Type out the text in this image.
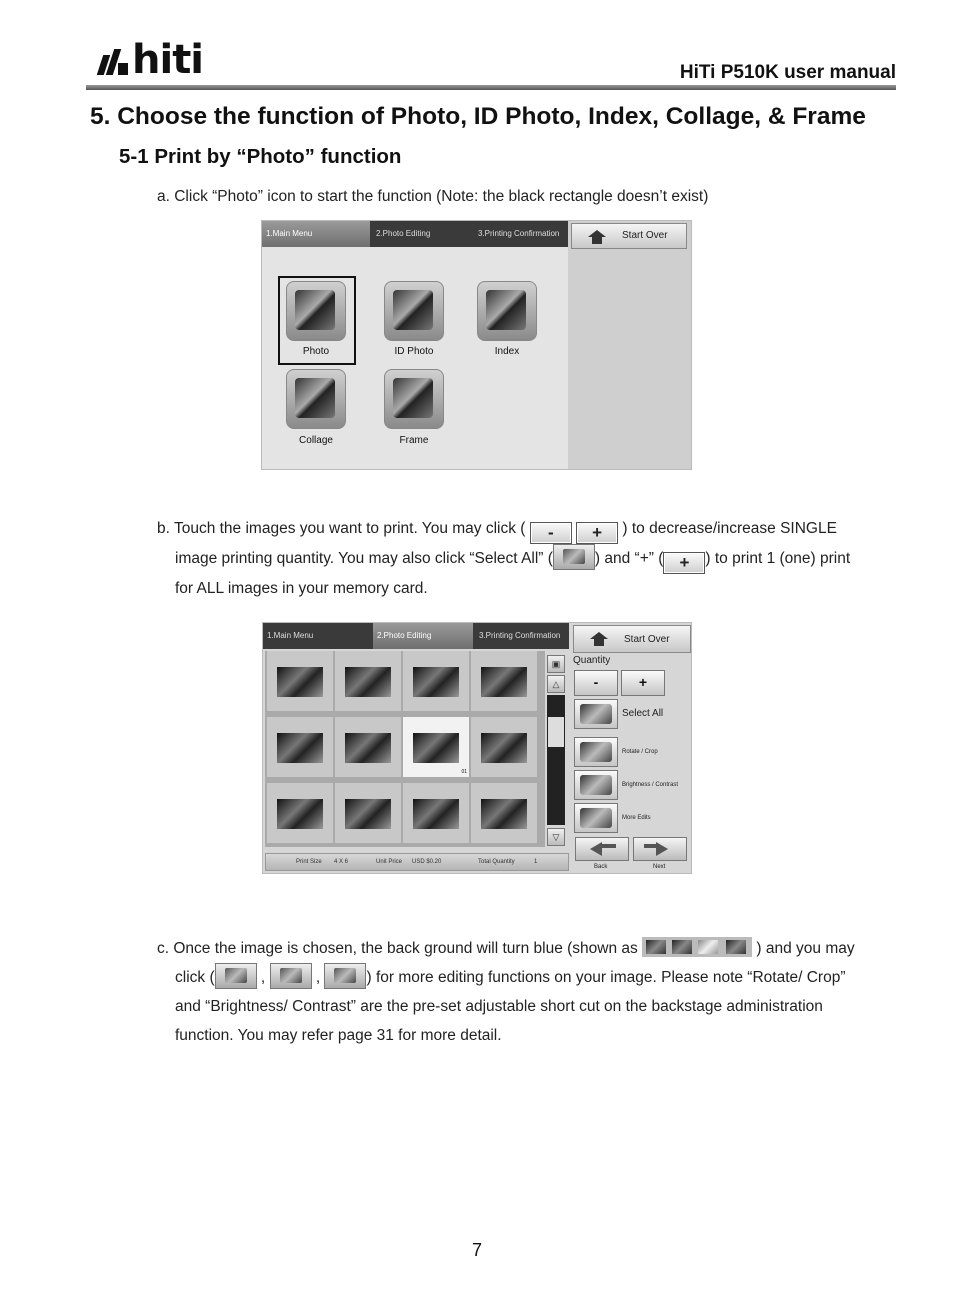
hiti	HiTi P510K user manual
5. Choose the function of Photo, ID Photo, Index, Collage, & Frame
5-1 Print by “Photo” function
a. Click “Photo” icon to start the function (Note: the black rectangle doesn’t exist)
1.Main Menu	2.Photo Editing	3.Printing Confirmation	Start Over
Photo	ID Photo	Index
Collage	Frame
b. Touch the images you want to print. You may click ( - + ) to decrease/increase SINGLE
image printing quantity. You may also click “Select All” (	) and “+” ( + ) to print 1 (one) print
for ALL images in your memory card.
1.Main Menu	2.Photo Editing	3.Printing Confirmation	Start Over
01
▣
△
▽
Print Size 4 X 6	Unit Price USD $0.20	Total Quantity	1
Quantity
-	+
Select All
Rotate / Crop
Brightness / Contrast
More Edits
Back	Next
c. Once the image is chosen, the back ground will turn blue (shown as	) and you may
click (	,	,	) for more editing functions on your image. Please note “Rotate/ Crop”
and “Brightness/ Contrast” are the pre-set adjustable short cut on the backstage administration
function. You may refer page 31 for more detail.
7
